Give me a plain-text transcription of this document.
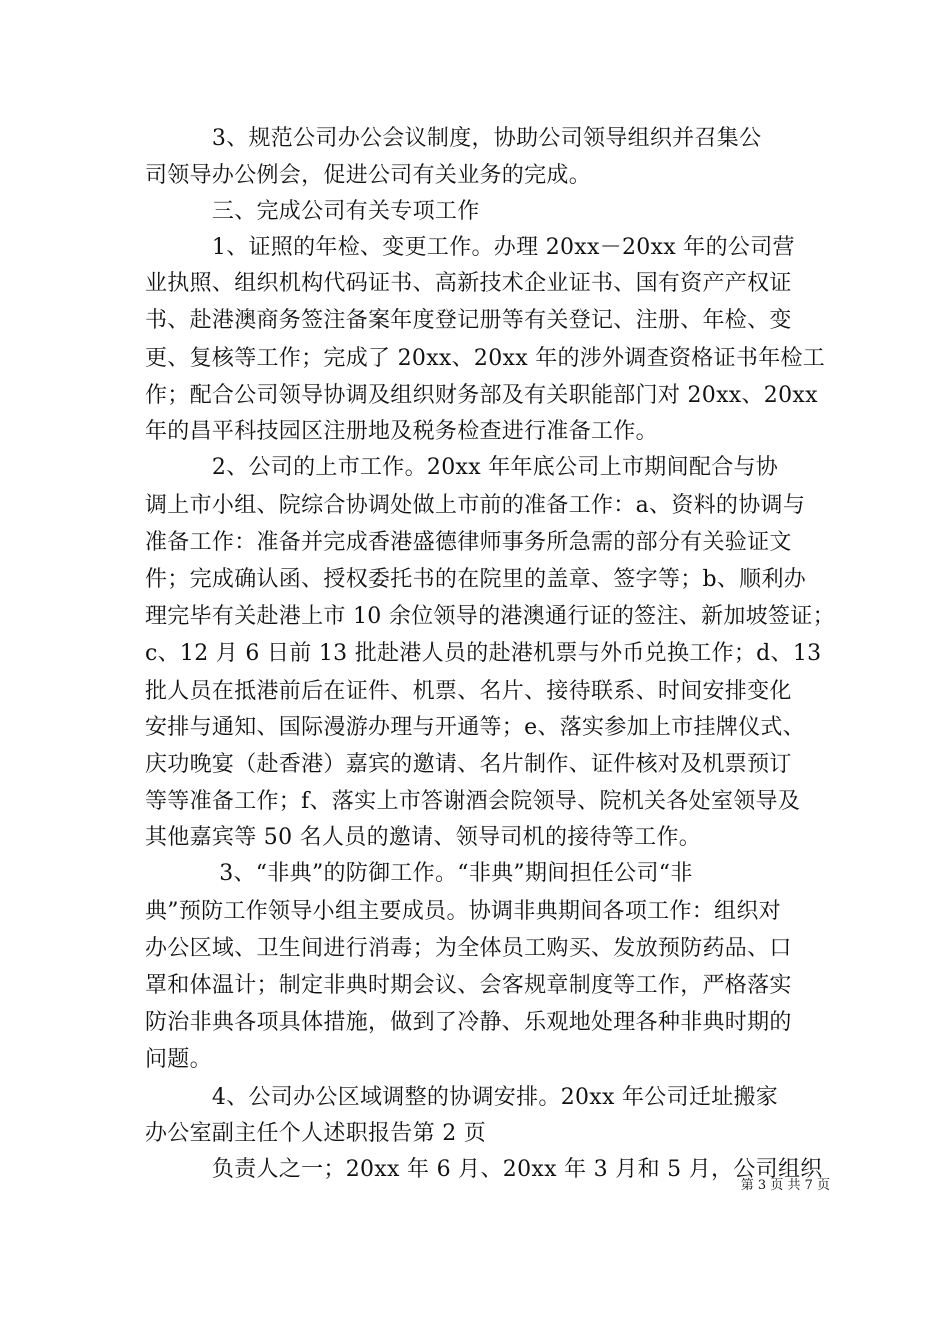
　　　3、规范公司办公会议制度，协助公司领导组织并召集公
司领导办公例会，促进公司有关业务的完成。
　　　三、完成公司有关专项工作
　　　1、证照的年检、变更工作。办理 20xx－20xx 年的公司营
业执照、组织机构代码证书、高新技术企业证书、国有资产产权证
书、赴港澳商务签注备案年度登记册等有关登记、注册、年检、变
更、复核等工作；完成了 20xx、20xx 年的涉外调查资格证书年检工
作；配合公司领导协调及组织财务部及有关职能部门对 20xx、20xx
年的昌平科技园区注册地及税务检查进行准备工作。
　　　2、公司的上市工作。20xx 年年底公司上市期间配合与协
调上市小组、院综合协调处做上市前的准备工作：a、资料的协调与
准备工作：准备并完成香港盛德律师事务所急需的部分有关验证文
件；完成确认函、授权委托书的在院里的盖章、签字等；b、顺利办
理完毕有关赴港上市 10 余位领导的港澳通行证的签注、新加坡签证；
c、12 月 6 日前 13 批赴港人员的赴港机票与外币兑换工作；d、13
批人员在抵港前后在证件、机票、名片、接待联系、时间安排变化
安排与通知、国际漫游办理与开通等；e、落实参加上市挂牌仪式、
庆功晚宴（赴香港）嘉宾的邀请、名片制作、证件核对及机票预订
等等准备工作；f、落实上市答谢酒会院领导、院机关各处室领导及
其他嘉宾等 50 名人员的邀请、领导司机的接待等工作。
　　　 3、“非典”的防御工作。“非典”期间担任公司“非
典”预防工作领导小组主要成员。协调非典期间各项工作：组织对
办公区域、卫生间进行消毒；为全体员工购买、发放预防药品、口
罩和体温计；制定非典时期会议、会客规章制度等工作，严格落实
防治非典各项具体措施，做到了冷静、乐观地处理各种非典时期的
问题。
　　　4、公司办公区域调整的协调安排。20xx 年公司迁址搬家
办公室副主任个人述职报告第 2 页
　　　负责人之一；20xx 年 6 月、20xx 年 3 月和 5 月，公司组织
第 3 页 共 7 页
